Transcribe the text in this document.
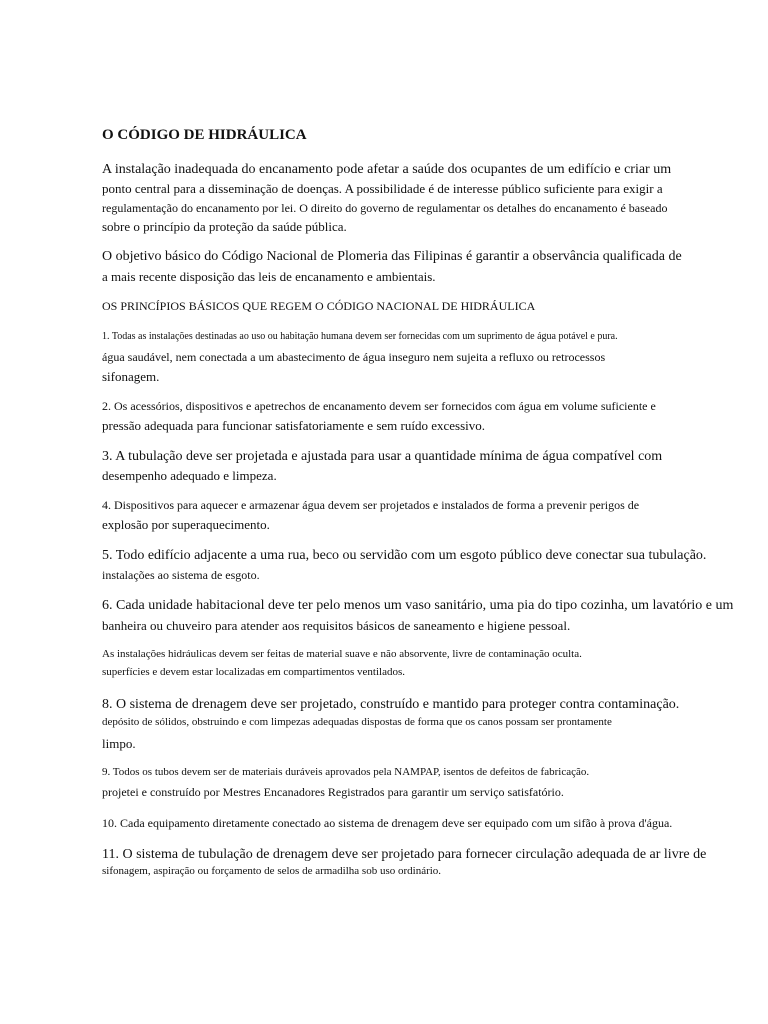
O CÓDIGO DE HIDRÁULICA
A instalação inadequada do encanamento pode afetar a saúde dos ocupantes de um edifício e criar um
ponto central para a disseminação de doenças. A possibilidade é de interesse público suficiente para exigir a
regulamentação do encanamento por lei. O direito do governo de regulamentar os detalhes do encanamento é baseado
sobre o princípio da proteção da saúde pública.
O objetivo básico do Código Nacional de Plomeria das Filipinas é garantir a observância qualificada de
a mais recente disposição das leis de encanamento e ambientais.
OS PRINCÍPIOS BÁSICOS QUE REGEM O CÓDIGO NACIONAL DE HIDRÁULICA
1. Todas as instalações destinadas ao uso ou habitação humana devem ser fornecidas com um suprimento de água potável e pura.
água saudável, nem conectada a um abastecimento de água inseguro nem sujeita a refluxo ou retrocessos
sifonagem.
2. Os acessórios, dispositivos e apetrechos de encanamento devem ser fornecidos com água em volume suficiente e
pressão adequada para funcionar satisfatoriamente e sem ruído excessivo.
3. A tubulação deve ser projetada e ajustada para usar a quantidade mínima de água compatível com
desempenho adequado e limpeza.
4. Dispositivos para aquecer e armazenar água devem ser projetados e instalados de forma a prevenir perigos de
explosão por superaquecimento.
5. Todo edifício adjacente a uma rua, beco ou servidão com um esgoto público deve conectar sua tubulação.
instalações ao sistema de esgoto.
6. Cada unidade habitacional deve ter pelo menos um vaso sanitário, uma pia do tipo cozinha, um lavatório e um
banheira ou chuveiro para atender aos requisitos básicos de saneamento e higiene pessoal.
As instalações hidráulicas devem ser feitas de material suave e não absorvente, livre de contaminação oculta.
superfícies e devem estar localizadas em compartimentos ventilados.
8. O sistema de drenagem deve ser projetado, construído e mantido para proteger contra contaminação.
depósito de sólidos, obstruindo e com limpezas adequadas dispostas de forma que os canos possam ser prontamente
limpo.
9. Todos os tubos devem ser de materiais duráveis aprovados pela NAMPAP, isentos de defeitos de fabricação.
projetei e construído por Mestres Encanadores Registrados para garantir um serviço satisfatório.
10. Cada equipamento diretamente conectado ao sistema de drenagem deve ser equipado com um sifão à prova d'água.
11. O sistema de tubulação de drenagem deve ser projetado para fornecer circulação adequada de ar livre de
sifonagem, aspiração ou forçamento de selos de armadilha sob uso ordinário.
